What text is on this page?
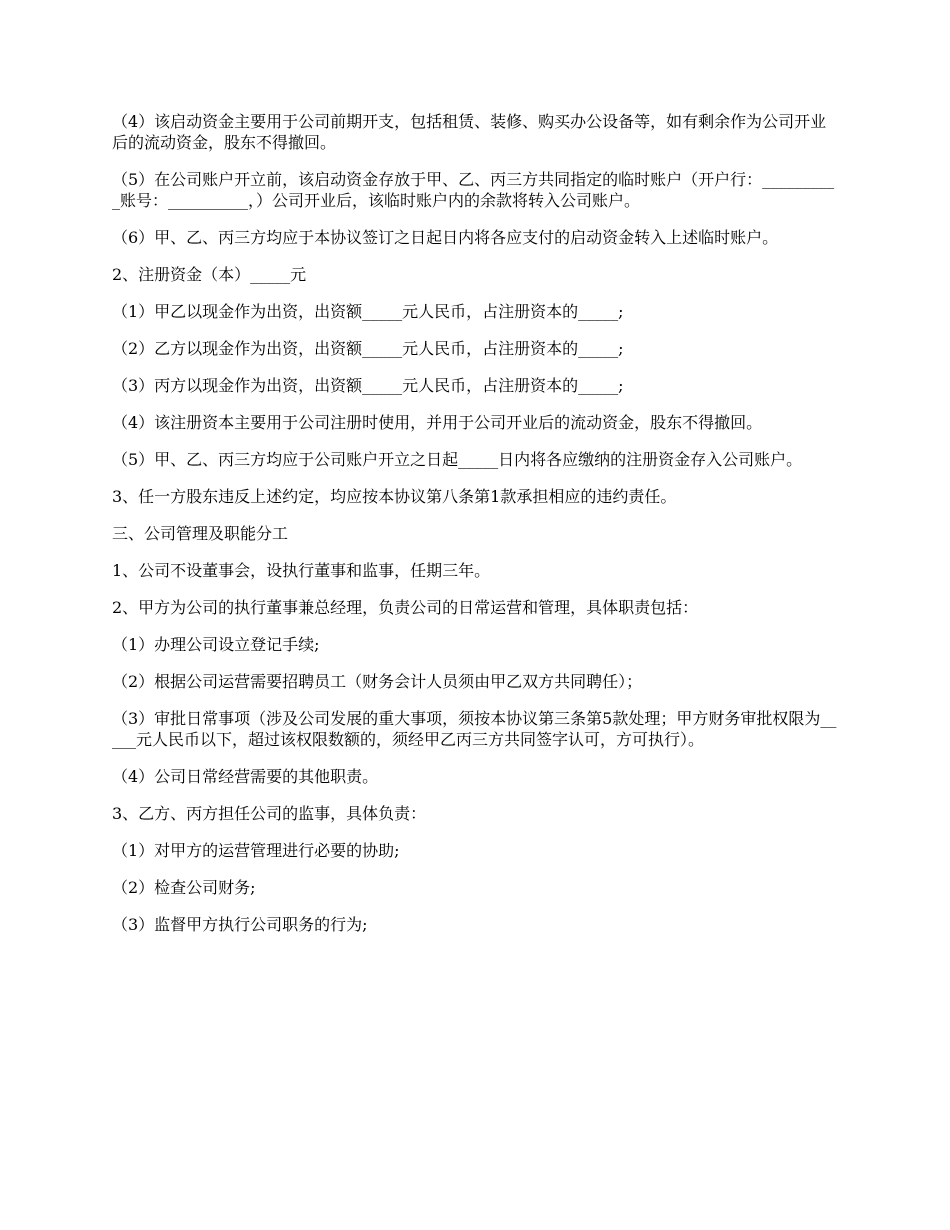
（4）该启动资金主要用于公司前期开支，包括租赁、装修、购买办公设备等，如有剩余作为公司开业后的流动资金，股东不得撤回。

（5）在公司账户开立前，该启动资金存放于甲、乙、丙三方共同指定的临时账户（开户行：__________账号：__________，）公司开业后，该临时账户内的余款将转入公司账户。

（6）甲、乙、丙三方均应于本协议签订之日起日内将各应支付的启动资金转入上述临时账户。

2、注册资金（本）_____元

（1）甲乙以现金作为出资，出资额_____元人民币，占注册资本的_____;

（2）乙方以现金作为出资，出资额_____元人民币，占注册资本的_____;

（3）丙方以现金作为出资，出资额_____元人民币，占注册资本的_____;

（4）该注册资本主要用于公司注册时使用，并用于公司开业后的流动资金，股东不得撤回。

（5）甲、乙、丙三方均应于公司账户开立之日起_____日内将各应缴纳的注册资金存入公司账户。

3、任一方股东违反上述约定，均应按本协议第八条第1款承担相应的违约责任。

三、公司管理及职能分工

1、公司不设董事会，设执行董事和监事，任期三年。

2、甲方为公司的执行董事兼总经理，负责公司的日常运营和管理，具体职责包括：

（1）办理公司设立登记手续;

（2）根据公司运营需要招聘员工（财务会计人员须由甲乙双方共同聘任）；

（3）审批日常事项（涉及公司发展的重大事项，须按本协议第三条第5款处理；甲方财务审批权限为_____元人民币以下，超过该权限数额的，须经甲乙丙三方共同签字认可，方可执行）。

（4）公司日常经营需要的其他职责。

3、乙方、丙方担任公司的监事，具体负责：

（1）对甲方的运营管理进行必要的协助;

（2）检查公司财务;

（3）监督甲方执行公司职务的行为;
